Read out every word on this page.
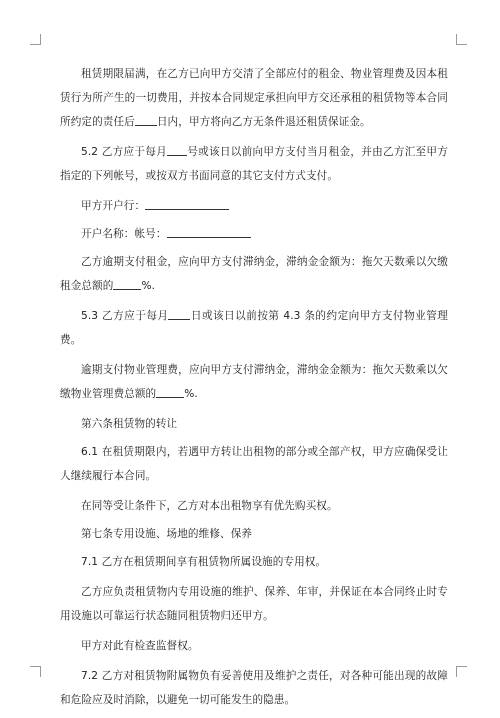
租赁期限届满，在乙方已向甲方交清了全部应付的租金、物业管理费及因本租赁行为所产生的一切费用，并按本合同规定承担向甲方交还承租的租赁物等本合同所约定的责任后 日内，甲方将向乙方无条件退还租赁保证金。

5.2 乙方应于每月 号或该日以前向甲方支付当月租金，并由乙方汇至甲方指定的下列帐号，或按双方书面同意的其它支付方式支付。

甲方开户行：

开户名称：帐号：

乙方逾期支付租金，应向甲方支付滞纳金，滞纳金金额为：拖欠天数乘以欠缴租金总额的	%.

5.3 乙方应于每月 日或该日以前按第 4.3 条的约定向甲方支付物业管理费。

逾期支付物业管理费，应向甲方支付滞纳金，滞纳金金额为：拖欠天数乘以欠缴物业管理费总额的	%.

第六条租赁物的转让

6.1 在租赁期限内，若遇甲方转让出租物的部分或全部产权，甲方应确保受让人继续履行本合同。

在同等受让条件下，乙方对本出租物享有优先购买权。

第七条专用设施、场地的维修、保养

7.1 乙方在租赁期间享有租赁物所属设施的专用权。

乙方应负责租赁物内专用设施的维护、保养、年审，并保证在本合同终止时专用设施以可靠运行状态随同租赁物归还甲方。

甲方对此有检查监督权。

7.2 乙方对租赁物附属物负有妥善使用及维护之责任，对各种可能出现的故障和危险应及时消除，以避免一切可能发生的隐患。
